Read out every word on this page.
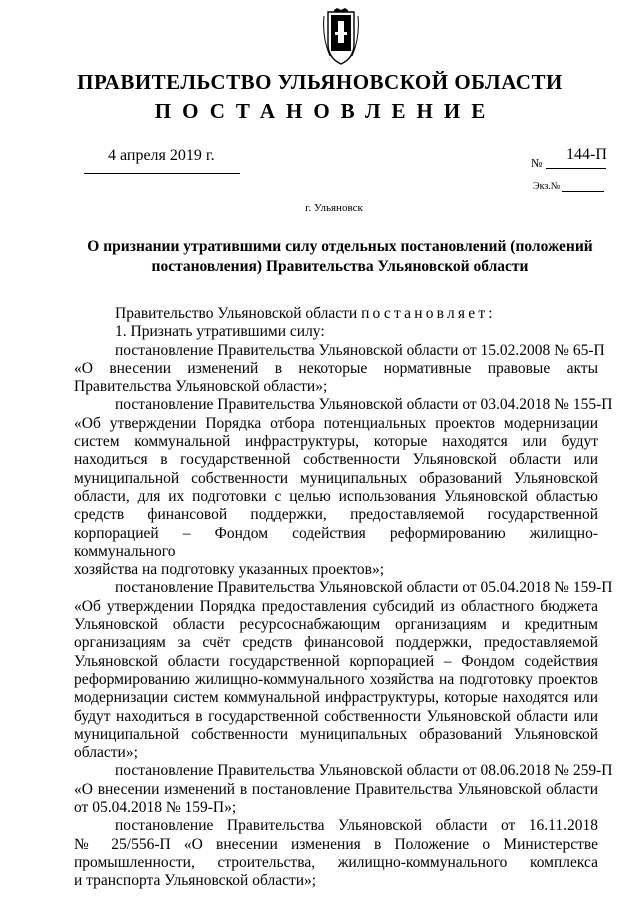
ПРАВИТЕЛЬСТВО УЛЬЯНОВСКОЙ ОБЛАСТИ
ПОСТАНОВЛЕНИЕ
4 апреля 2019 г.	№ 144-П
Экз.№
г. Ульяновск
О признании утратившими силу отдельных постановлений (положений
постановления) Правительства Ульяновской области
Правительство Ульяновской области постановляет:
1. Признать утратившими силу:
постановление Правительства Ульяновской области от 15.02.2008 № 65-П
«О внесении изменений в некоторые нормативные правовые акты
Правительства Ульяновской области»;
постановление Правительства Ульяновской области от 03.04.2018 № 155-П
«Об утверждении Порядка отбора потенциальных проектов модернизации
систем коммунальной инфраструктуры, которые находятся или будут
находиться в государственной собственности Ульяновской области или
муниципальной собственности муниципальных образований Ульяновской
области, для их подготовки с целью использования Ульяновской областью
средств финансовой поддержки, предоставляемой государственной
корпорацией – Фондом содействия реформированию жилищно-коммунального
хозяйства на подготовку указанных проектов»;
постановление Правительства Ульяновской области от 05.04.2018 № 159-П
«Об утверждении Порядка предоставления субсидий из областного бюджета
Ульяновской области ресурсоснабжающим организациям и кредитным
организациям за счёт средств финансовой поддержки, предоставляемой
Ульяновской области государственной корпорацией – Фондом содействия
реформированию жилищно-коммунального хозяйства на подготовку проектов
модернизации систем коммунальной инфраструктуры, которые находятся или
будут находиться в государственной собственности Ульяновской области или
муниципальной собственности муниципальных образований Ульяновской
области»;
постановление Правительства Ульяновской области от 08.06.2018 № 259-П
«О внесении изменений в постановление Правительства Ульяновской области
от 05.04.2018 № 159-П»;
постановление Правительства Ульяновской области от 16.11.2018
№ 25/556-П «О внесении изменения в Положение о Министерстве
промышленности, строительства, жилищно-коммунального комплекса
и транспорта Ульяновской области»;
